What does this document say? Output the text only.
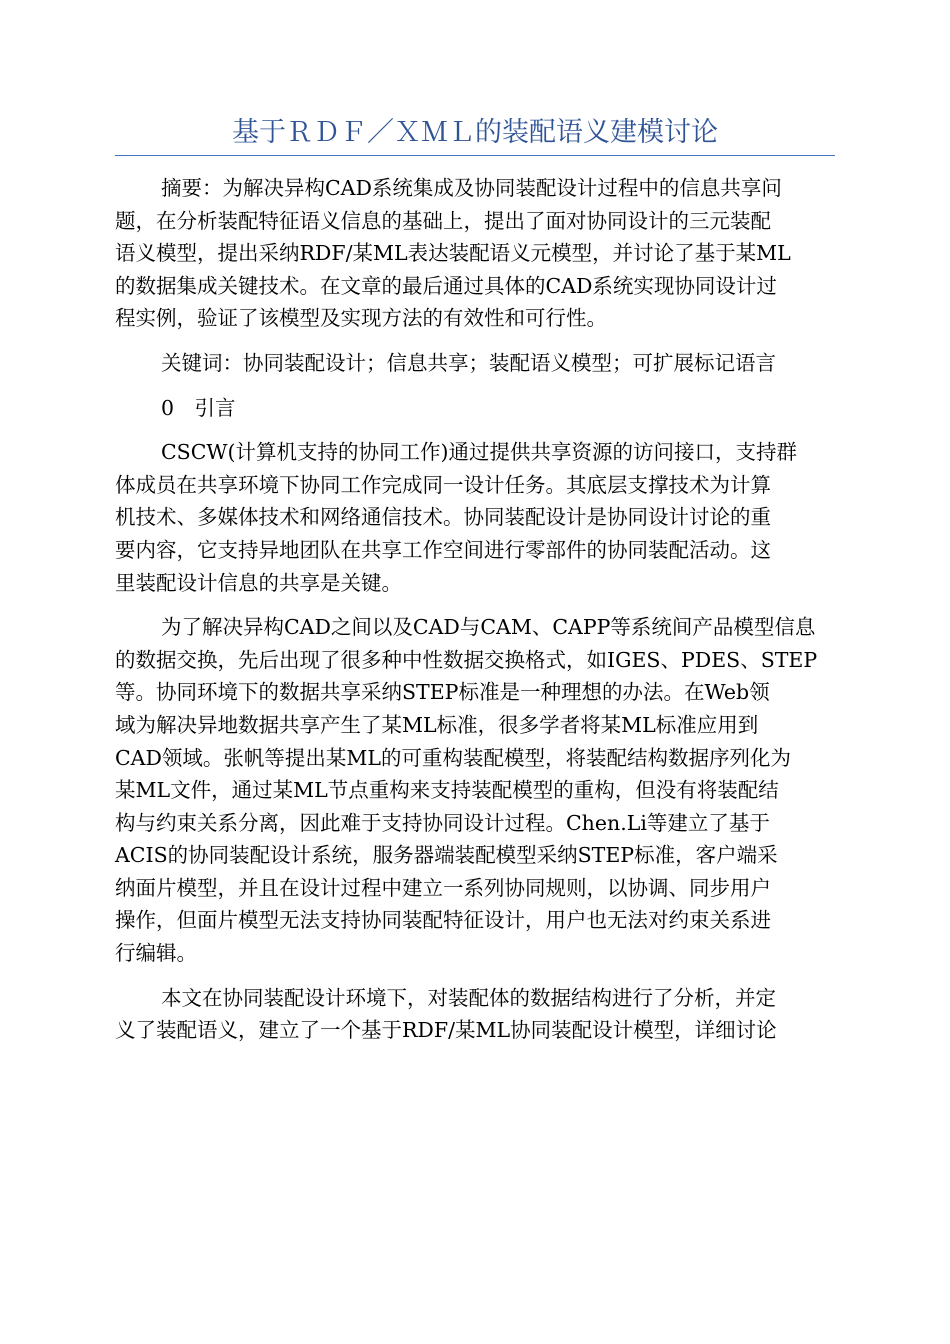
基于ＲＤＦ／ＸＭＬ的装配语义建模讨论
摘要：为解决异构CAD系统集成及协同装配设计过程中的信息共享问
题，在分析装配特征语义信息的基础上，提出了面对协同设计的三元装配
语义模型，提出采纳RDF/某ML表达装配语义元模型，并讨论了基于某ML
的数据集成关键技术。在文章的最后通过具体的CAD系统实现协同设计过
程实例，验证了该模型及实现方法的有效性和可行性。
关键词：协同装配设计；信息共享；装配语义模型；可扩展标记语言
0　引言
CSCW(计算机支持的协同工作)通过提供共享资源的访问接口，支持群
体成员在共享环境下协同工作完成同一设计任务。其底层支撑技术为计算
机技术、多媒体技术和网络通信技术。协同装配设计是协同设计讨论的重
要内容，它支持异地团队在共享工作空间进行零部件的协同装配活动。这
里装配设计信息的共享是关键。
为了解决异构CAD之间以及CAD与CAM、CAPP等系统间产品模型信息
的数据交换，先后出现了很多种中性数据交换格式，如IGES、PDES、STEP
等。协同环境下的数据共享采纳STEP标准是一种理想的办法。在Web领
域为解决异地数据共享产生了某ML标准，很多学者将某ML标准应用到
CAD领域。张帆等提出某ML的可重构装配模型，将装配结构数据序列化为
某ML文件，通过某ML节点重构来支持装配模型的重构，但没有将装配结
构与约束关系分离，因此难于支持协同设计过程。Chen.Li等建立了基于
ACIS的协同装配设计系统，服务器端装配模型采纳STEP标准，客户端采
纳面片模型，并且在设计过程中建立一系列协同规则，以协调、同步用户
操作，但面片模型无法支持协同装配特征设计，用户也无法对约束关系进
行编辑。
本文在协同装配设计环境下，对装配体的数据结构进行了分析，并定
义了装配语义，建立了一个基于RDF/某ML协同装配设计模型，详细讨论
